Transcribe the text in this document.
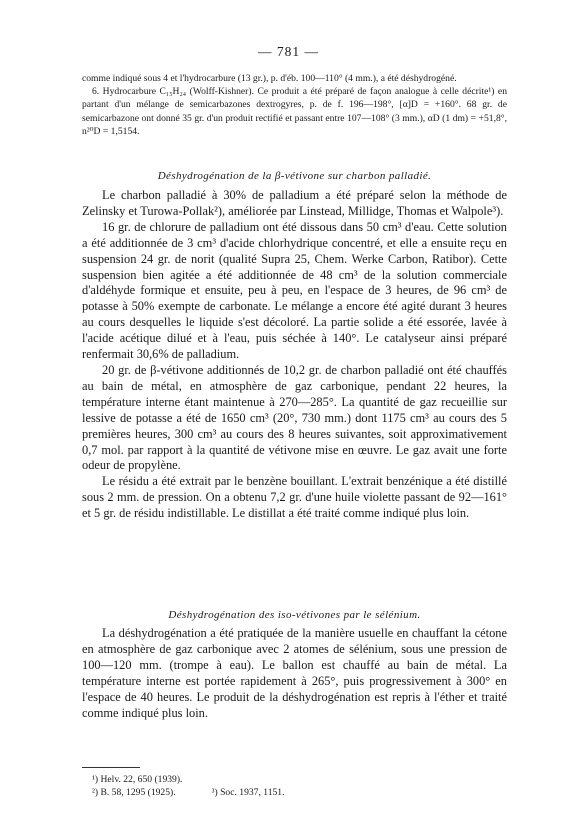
— 781 —

comme indiqué sous 4 et l'hydrocarbure (13 gr.), p. d'éb. 100—110° (4 mm.), a été déshydrogéné.

6. Hydrocarbure C₁₅H₂₄ (Wolff-Kishner). Ce produit a été préparé de façon analogue à celle décrite¹) en partant d'un mélange de semicarbazones dextrogyres, p. de f. 196—198°, [α]D = +160°. 68 gr. de semicarbazone ont donné 35 gr. d'un produit rectifié et passant entre 107—108° (3 mm.), αD (1 dm) = +51,8°, n²⁰D = 1,5154.

Déshydrogénation de la β-vétivone sur charbon palladié.

Le charbon palladié à 30% de palladium a été préparé selon la méthode de Zelinsky et Turowa-Pollak²), améliorée par Linstead, Millidge, Thomas et Walpole³).

16 gr. de chlorure de palladium ont été dissous dans 50 cm³ d'eau. Cette solution a été additionnée de 3 cm³ d'acide chlorhydrique concentré, et elle a ensuite reçu en suspension 24 gr. de norit (qualité Supra 25, Chem. Werke Carbon, Ratibor). Cette suspension bien agitée a été additionnée de 48 cm³ de la solution commerciale d'aldéhyde formique et ensuite, peu à peu, en l'espace de 3 heures, de 96 cm³ de potasse à 50% exempte de carbonate. Le mélange a encore été agité durant 3 heures au cours desquelles le liquide s'est décoloré. La partie solide a été essorée, lavée à l'acide acétique dilué et à l'eau, puis séchée à 140°. Le catalyseur ainsi préparé renfermait 30,6% de palladium.

20 gr. de β-vétivone additionnés de 10,2 gr. de charbon palladié ont été chauffés au bain de métal, en atmosphère de gaz carbonique, pendant 22 heures, la température interne étant maintenue à 270—285°. La quantité de gaz recueillie sur lessive de potasse a été de 1650 cm³ (20°, 730 mm.) dont 1175 cm³ au cours des 5 premières heures, 300 cm³ au cours des 8 heures suivantes, soit approximativement 0,7 mol. par rapport à la quantité de vétivone mise en œuvre. Le gaz avait une forte odeur de propylène.

Le résidu a été extrait par le benzène bouillant. L'extrait benzénique a été distillé sous 2 mm. de pression. On a obtenu 7,2 gr. d'une huile violette passant de 92—161° et 5 gr. de résidu indistillable. Le distillat a été traité comme indiqué plus loin.

Déshydrogénation des iso-vétivones par le sélénium.

La déshydrogénation a été pratiquée de la manière usuelle en chauffant la cétone en atmosphère de gaz carbonique avec 2 atomes de sélénium, sous une pression de 100—120 mm. (trompe à eau). Le ballon est chauffé au bain de métal. La température interne est portée rapidement à 265°, puis progressivement à 300° en l'espace de 40 heures. Le produit de la déshydrogénation est repris à l'éther et traité comme indiqué plus loin.

¹) Helv. 22, 650 (1939).
²) B. 58, 1295 (1925).	³) Soc. 1937, 1151.
